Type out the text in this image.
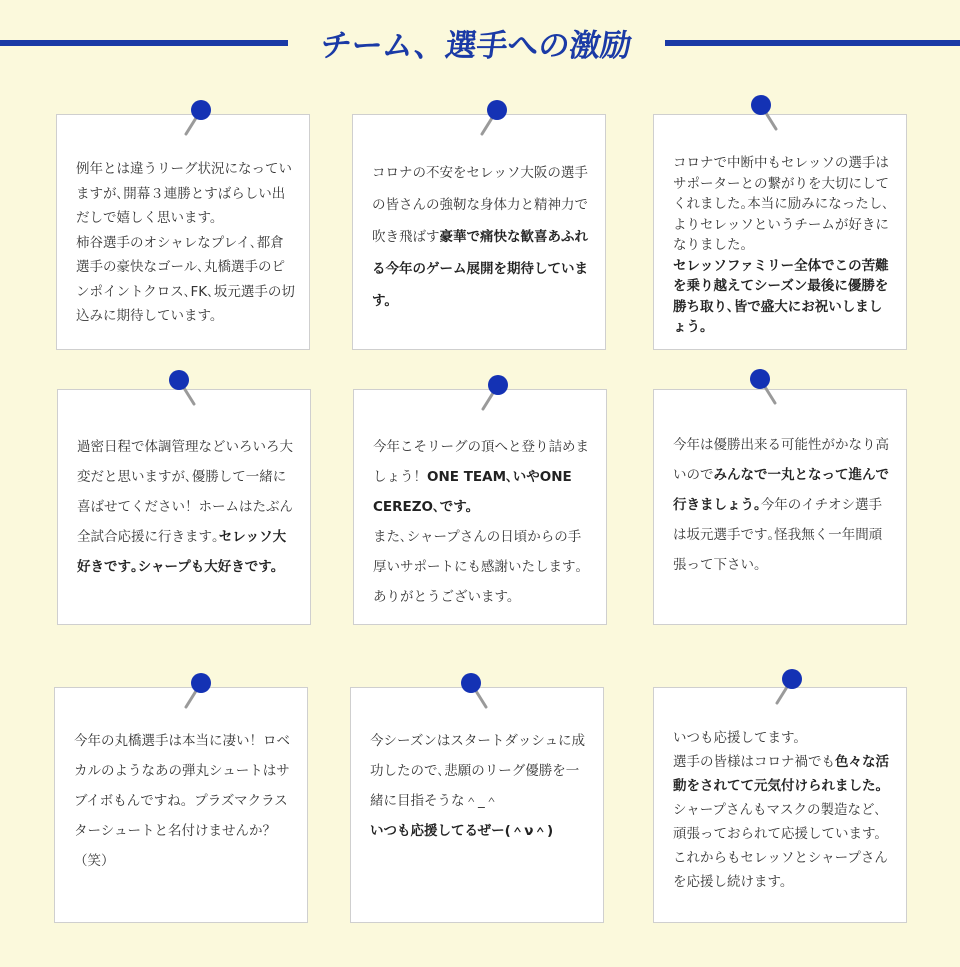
チーム、選手への激励
例年とは違うリーグ状況になっていますが､開幕３連勝とすばらしい出だしで嬉しく思います。
柿谷選手のオシャレなプレイ､都倉選手の豪快なゴール､丸橋選手のピンポイントクロス､FK､坂元選手の切込みに期待しています。
コロナの不安をセレッソ大阪の選手の皆さんの強靭な身体力と精神力で吹き飛ばす豪華で痛快な歓喜あふれる今年のゲーム展開を期待しています。
コロナで中断中もセレッソの選手はサポーターとの繋がりを大切にしてくれました｡本当に励みになったし､よりセレッソというチームが好きになりました｡
セレッソファミリー全体でこの苦難を乗り越えてシーズン最後に優勝を勝ち取り､皆で盛大にお祝いしましょう。
過密日程で体調管理などいろいろ大変だと思いますが､優勝して一緒に喜ばせてください！ホームはたぶん全試合応援に行きます｡セレッソ大好きです｡シャープも大好きです。
今年こそリーグの頂へと登り詰めましょう！ONE TEAM､いやONE CEREZO､です。
また､シャープさんの日頃からの手厚いサポートにも感謝いたします｡ありがとうございます。
今年は優勝出来る可能性がかなり高いのでみんなで一丸となって進んで行きましょう｡今年のイチオシ選手は坂元選手です｡怪我無く一年間頑張って下さい。
今年の丸橋選手は本当に凄い！ロベカルのようなあの弾丸シュートはサブイボもんですね。プラズマクラスターシュートと名付けませんか？（笑）
今シーズンはスタートダッシュに成功したので､悲願のリーグ優勝を一緒に目指そうな＾_＾
いつも応援してるぜー(＾ν＾)
いつも応援してます。
選手の皆様はコロナ禍でも色々な活動をされてて元気付けられました。
シャープさんもマスクの製造など､頑張っておられて応援しています。
これからもセレッソとシャープさんを応援し続けます。
